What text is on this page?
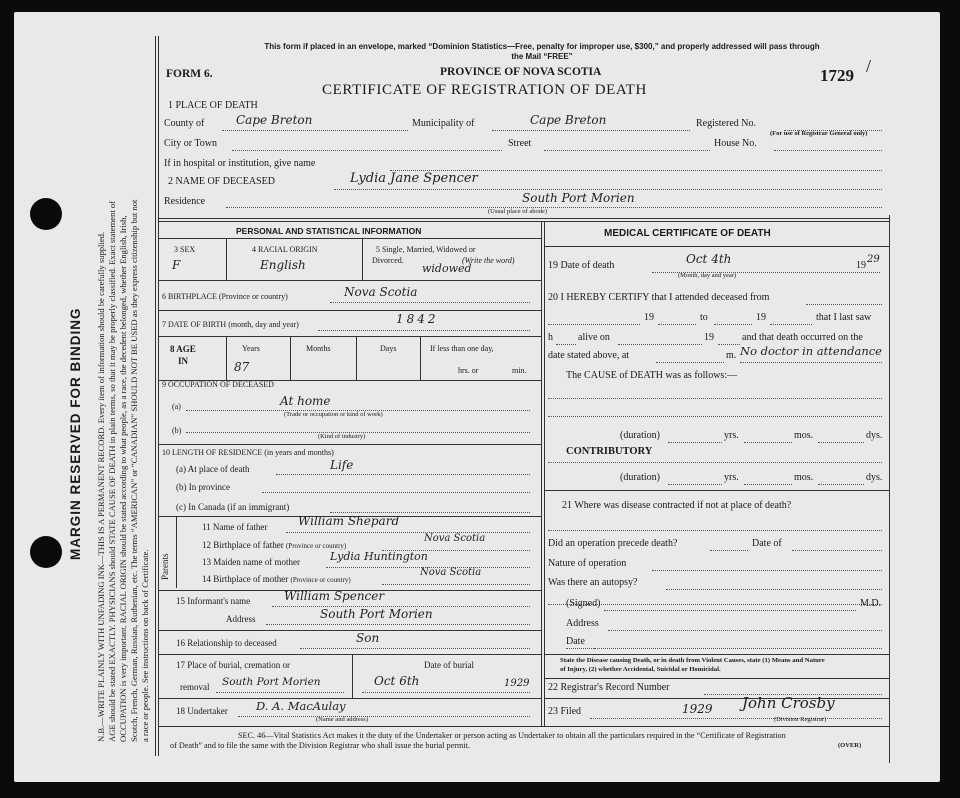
N.B.—WRITE PLAINLY WITH UNFADING INK—THIS IS A PERMANENT RECORD. Every item of information should be carefully supplied. AGE should be stated EXACTLY. PHYSICIANS should STATE CAUSE OF DEATH in plain terms, so that it may be properly classified. Exact statement of OCCUPATION is very important. RACIAL ORIGIN should be stated according to what people, as a race, the decedent belonged, whether English, Irish, Scotch, French, German, Russian, Ruthenian, etc. The terms “AMERICAN” or “CANADIAN” SHOULD NOT BE USED as they express citizenship but not a race or people. See instructions on back of Certificate.
MARGIN RESERVED FOR BINDING
This form if placed in an envelope, marked “Dominion Statistics—Free, penalty for improper use, $300,” and properly addressed will pass through the Mail “FREE”
FORM 6.	PROVINCE OF NOVA SCOTIA
CERTIFICATE OF REGISTRATION OF DEATH
1729 /
1 PLACE OF DEATH
County of	Cape Breton	Municipality of	Cape Breton	Registered No.
(For use of Registrar General only)
City or Town	Street	House No.
If in hospital or institution, give name
2 NAME OF DECEASED	Lydia Jane Spencer
Residence	South Port Morien
(Usual place of abode)
PERSONAL AND STATISTICAL INFORMATION
3 SEX
F
4 RACIAL ORIGIN
English
5 Single, Married, Widowed or
Divorced.	(Write the word)
widowed
6 BIRTHPLACE (Province or country)	Nova Scotia
7 DATE OF BIRTH (month, day and year)	1842
8 AGE
IN
Years
87
Months	Days	If less than one day,
hrs. or	min.
9 OCCUPATION OF DECEASED
(a)	At home
(Trade or occupation or kind of work)
(b)
(Kind of industry)
10 LENGTH OF RESIDENCE (in years and months)
(a) At place of death	Life
(b) In province
(c) In Canada (if an immigrant)
Parents
11 Name of father	William Shepard
12 Birthplace of father (Province or country)
Nova Scotia
13 Maiden name of mother	Lydia Huntington
14 Birthplace of mother (Province or country)
Nova Scotia
15 Informant's name	William Spencer
Address	South Port Morien
16 Relationship to deceased	Son
17 Place of burial, cremation or
removal South Port Morien
Date of burial
Oct 6th	1929
18 Undertaker D. A. MacAulay
(Name and address)
MEDICAL CERTIFICATE OF DEATH
19 Date of death	Oct 4th	19
29
(Month, day and year)
20 I HEREBY CERTIFY that I attended deceased from
19	to	19	that I last saw
h	alive on	19	and that death occurred on the
date stated above, at	m. No doctor in attendance
The CAUSE of DEATH was as follows:—
(duration)	yrs.	mos.	dys.
CONTRIBUTORY
(duration)	yrs.	mos.	dys.
21 Where was disease contracted if not at place of death?
Did an operation precede death?	Date of
Nature of operation
Was there an autopsy?
(Signed)	M.D.
Address
Date
State the Disease causing Death, or in death from Violent Causes, state (1) Means and Nature
of Injury, (2) whether Accidental, Suicidal or Homicidal.
22 Registrar's Record Number
23 Filed	1929 John Crosby
(Division Registrar)
SEC. 46—Vital Statistics Act makes it the duty of the Undertaker or person acting as Undertaker to obtain all the particulars required in the “Certificate of Registration
of Death” and to file the same with the Division Registrar who shall issue the burial permit.	(OVER)
